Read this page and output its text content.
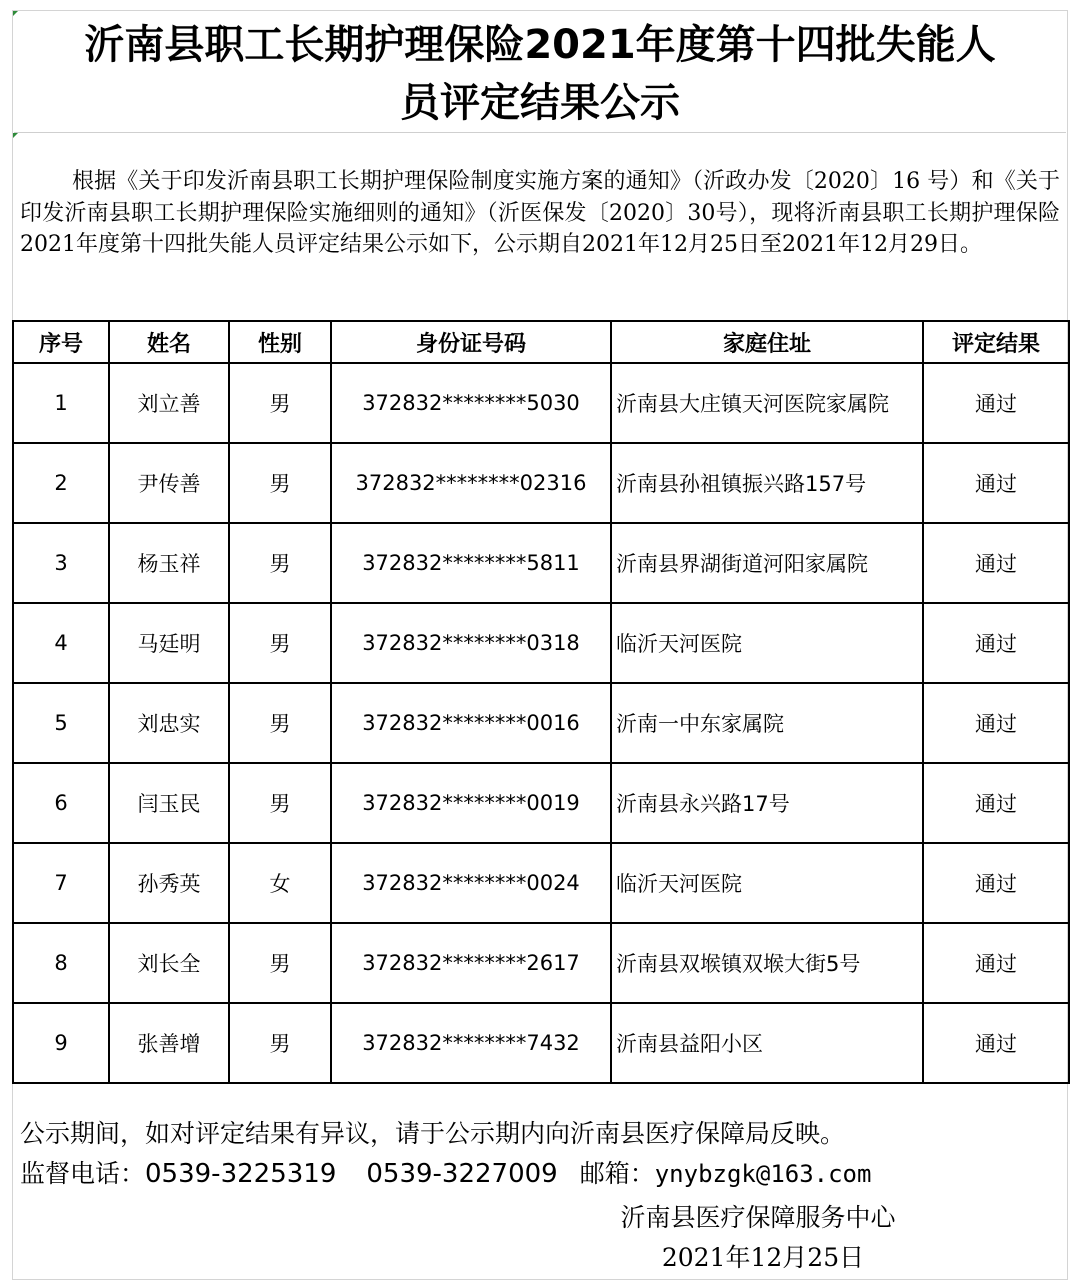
沂南县职工长期护理保险2021年度第十四批失能人
员评定结果公示

根据《关于印发沂南县职工长期护理保险制度实施方案的通知》（沂政办发〔2020〕16 号）和《关于印发沂南县职工长期护理保险实施细则的通知》（沂医保发〔2020〕30号），现将沂南县职工长期护理保险2021年度第十四批失能人员评定结果公示如下，公示期自2021年12月25日至2021年12月29日。

序号	姓名	性别	身份证号码	家庭住址	评定结果
1	刘立善	男	372832********5030	沂南县大庄镇天河医院家属院	通过
2	尹传善	男	372832********02316	沂南县孙祖镇振兴路157号	通过
3	杨玉祥	男	372832********5811	沂南县界湖街道河阳家属院	通过
4	马廷明	男	372832********0318	临沂天河医院	通过
5	刘忠实	男	372832********0016	沂南一中东家属院	通过
6	闫玉民	男	372832********0019	沂南县永兴路17号	通过
7	孙秀英	女	372832********0024	临沂天河医院	通过
8	刘长全	男	372832********2617	沂南县双堠镇双堠大街5号	通过
9	张善增	男	372832********7432	沂南县益阳小区	通过
公示期间，如对评定结果有异议，请于公示期内向沂南县医疗保障局反映。
监督电话：0539-3225319 0539-3227009 邮箱：ynybzgk@163.com
沂南县医疗保障服务中心
2021年12月25日
